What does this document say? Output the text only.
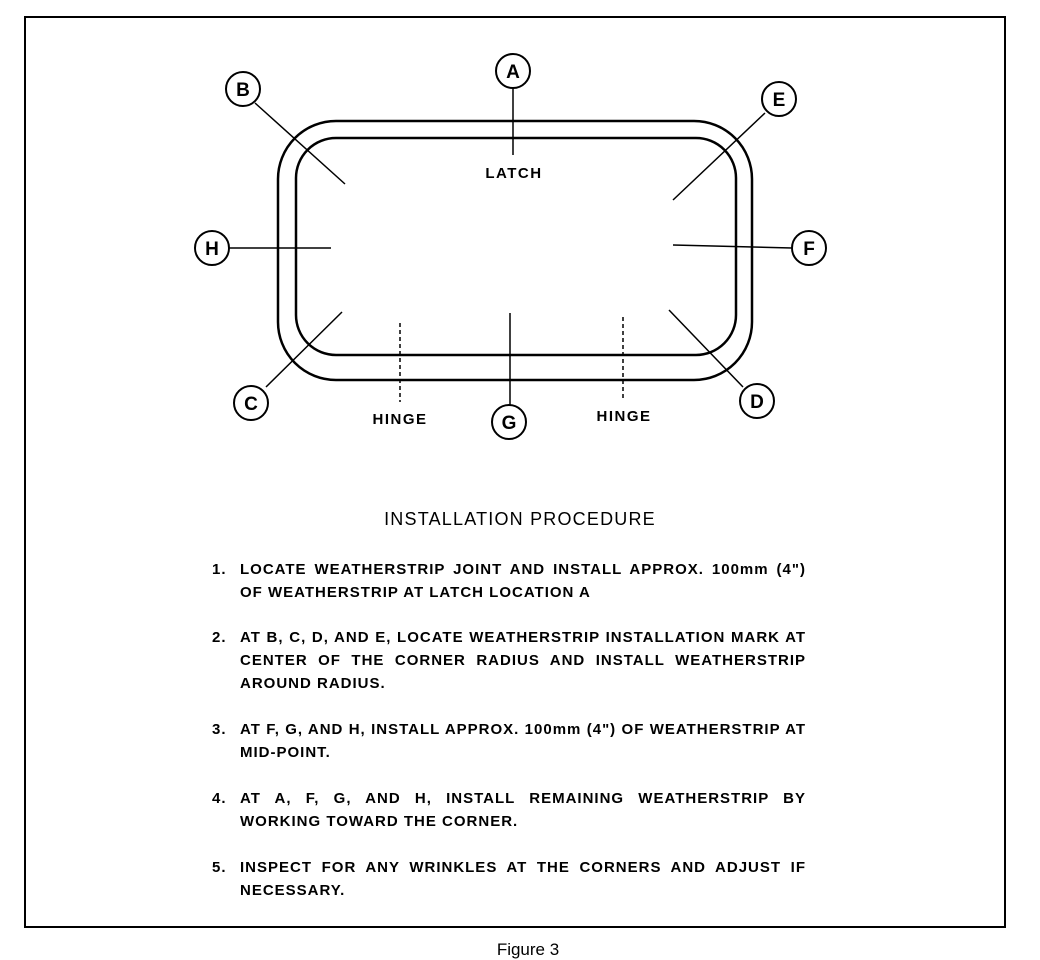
A
B
C	D
E
F
G
H
LATCH
HINGE	HINGE
INSTALLATION PROCEDURE
1. LOCATE WEATHERSTRIP JOINT AND INSTALL APPROX. 100mm (4") OF WEATHERSTRIP AT LATCH LOCATION A
2. AT B, C, D, AND E, LOCATE WEATHERSTRIP INSTALLATION MARK AT CENTER OF THE CORNER RADIUS AND INSTALL WEATHERSTRIP AROUND RADIUS.
3. AT F, G, AND H, INSTALL APPROX. 100mm (4") OF WEATHERSTRIP AT MID-POINT.
4. AT A, F, G, AND H, INSTALL REMAINING WEATHERSTRIP BY WORKING TOWARD THE CORNER.
5. INSPECT FOR ANY WRINKLES AT THE CORNERS AND ADJUST IF NECESSARY.

Figure 3
